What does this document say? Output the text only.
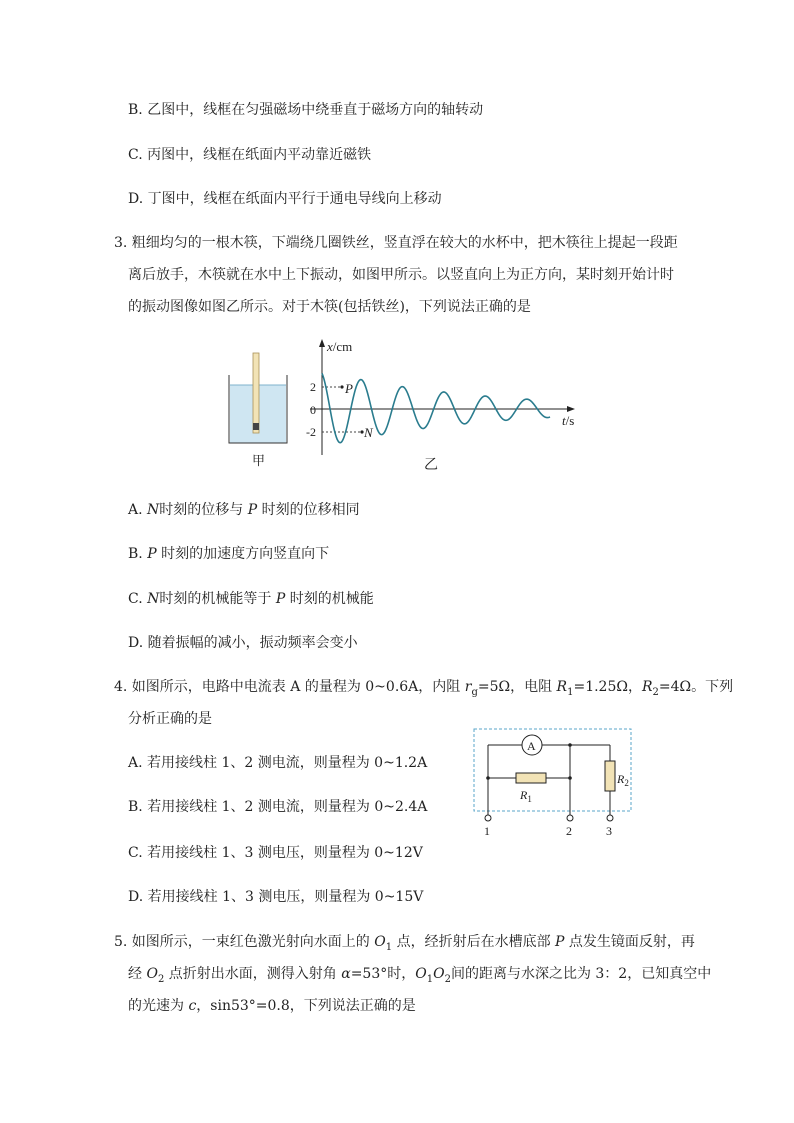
B. 乙图中，线框在匀强磁场中绕垂直于磁场方向的轴转动
C. 丙图中，线框在纸面内平动靠近磁铁
D. 丁图中，线框在纸面内平行于通电导线向上移动
3. 粗细均匀的一根木筷，下端绕几圈铁丝，竖直浮在较大的水杯中，把木筷往上提起一段距
离后放手，木筷就在水中上下振动，如图甲所示。以竖直向上为正方向，某时刻开始计时
的振动图像如图乙所示。对于木筷(包括铁丝)，下列说法正确的是
甲
x/cm
t/s
2
0
-2
P
N
乙
A. N时刻的位移与 P 时刻的位移相同
B. P 时刻的加速度方向竖直向下
C. N时刻的机械能等于 P 时刻的机械能
D. 随着振幅的减小，振动频率会变小
4. 如图所示，电路中电流表 A 的量程为 0~0.6A，内阻 $r_g=5\Omega$，电阻 $R_1=1.25\Omega$，$R_2=4\Omega$。下列
分析正确的是
A. 若用接线柱 1、2 测电流，则量程为 0~1.2A
B. 若用接线柱 1、2 测电流，则量程为 0~2.4A
C. 若用接线柱 1、3 测电压，则量程为 0~12V
D. 若用接线柱 1、3 测电压，则量程为 0~15V
A
$R_1$
$R_2$
1	2	3
5. 如图所示，一束红色激光射向水面上的 $O_1$ 点，经折射后在水槽底部 P 点发生镜面反射，再
经 $O_2$ 点折射出水面，测得入射角 α=53°时，$O_1O_2$间的距离与水深之比为 3：2，已知真空中
的光速为 c，sin53°=0.8，下列说法正确的是
